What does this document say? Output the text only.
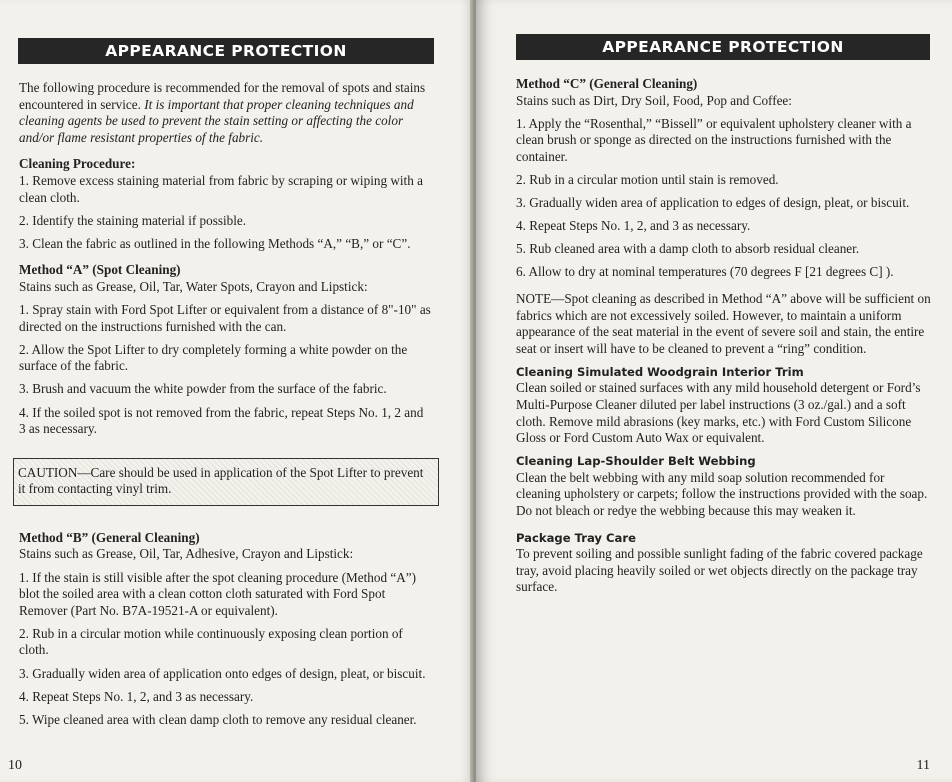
APPEARANCE PROTECTION

The following procedure is recommended for the removal of spots and stains encountered in service. It is important that proper cleaning techniques and cleaning agents be used to prevent the stain setting or affecting the color and/or flame resistant properties of the fabric.

Cleaning Procedure:

1. Remove excess staining material from fabric by scraping or wiping with a clean cloth.

2. Identify the staining material if possible.

3. Clean the fabric as outlined in the following Methods “A,” “B,” or “C”.

Method “A” (Spot Cleaning)

Stains such as Grease, Oil, Tar, Water Spots, Crayon and Lipstick:

1. Spray stain with Ford Spot Lifter or equivalent from a distance of 8"-10" as directed on the instructions furnished with the can.

2. Allow the Spot Lifter to dry completely forming a white powder on the surface of the fabric.

3. Brush and vacuum the white powder from the surface of the fabric.

4. If the soiled spot is not removed from the fabric, repeat Steps No. 1, 2 and 3 as necessary.

CAUTION—Care should be used in application of the Spot Lifter to prevent it from contacting vinyl trim.

Method “B” (General Cleaning)

Stains such as Grease, Oil, Tar, Adhesive, Crayon and Lipstick:

1. If the stain is still visible after the spot cleaning procedure (Method “A”) blot the soiled area with a clean cotton cloth saturated with Ford Spot Remover (Part No. B7A-19521-A or equivalent).

2. Rub in a circular motion while continuously exposing clean portion of cloth.

3. Gradually widen area of application onto edges of design, pleat, or biscuit.

4. Repeat Steps No. 1, 2, and 3 as necessary.

5. Wipe cleaned area with clean damp cloth to remove any residual cleaner.

10
APPEARANCE PROTECTION

Method “C” (General Cleaning)

Stains such as Dirt, Dry Soil, Food, Pop and Coffee:

1. Apply the “Rosenthal,” “Bissell” or equivalent upholstery cleaner with a clean brush or sponge as directed on the instructions furnished with the container.

2. Rub in a circular motion until stain is removed.

3. Gradually widen area of application to edges of design, pleat, or biscuit.

4. Repeat Steps No. 1, 2, and 3 as necessary.

5. Rub cleaned area with a damp cloth to absorb residual cleaner.

6. Allow to dry at nominal temperatures (70 degrees F [21 degrees C] ).

NOTE—Spot cleaning as described in Method “A” above will be sufficient on fabrics which are not excessively soiled. However, to maintain a uniform appearance of the seat material in the event of severe soil and stain, the entire seat or insert will have to be cleaned to prevent a “ring” condition.

Cleaning Simulated Woodgrain Interior Trim

Clean soiled or stained surfaces with any mild household detergent or Ford’s Multi-Purpose Cleaner diluted per label instructions (3 oz./gal.) and a soft cloth. Remove mild abrasions (key marks, etc.) with Ford Custom Silicone Gloss or Ford Custom Auto Wax or equivalent.

Cleaning Lap-Shoulder Belt Webbing

Clean the belt webbing with any mild soap solution recommended for cleaning upholstery or carpets; follow the instructions provided with the soap. Do not bleach or redye the webbing because this may weaken it.

Package Tray Care

To prevent soiling and possible sunlight fading of the fabric covered package tray, avoid placing heavily soiled or wet objects directly on the package tray surface.

11
